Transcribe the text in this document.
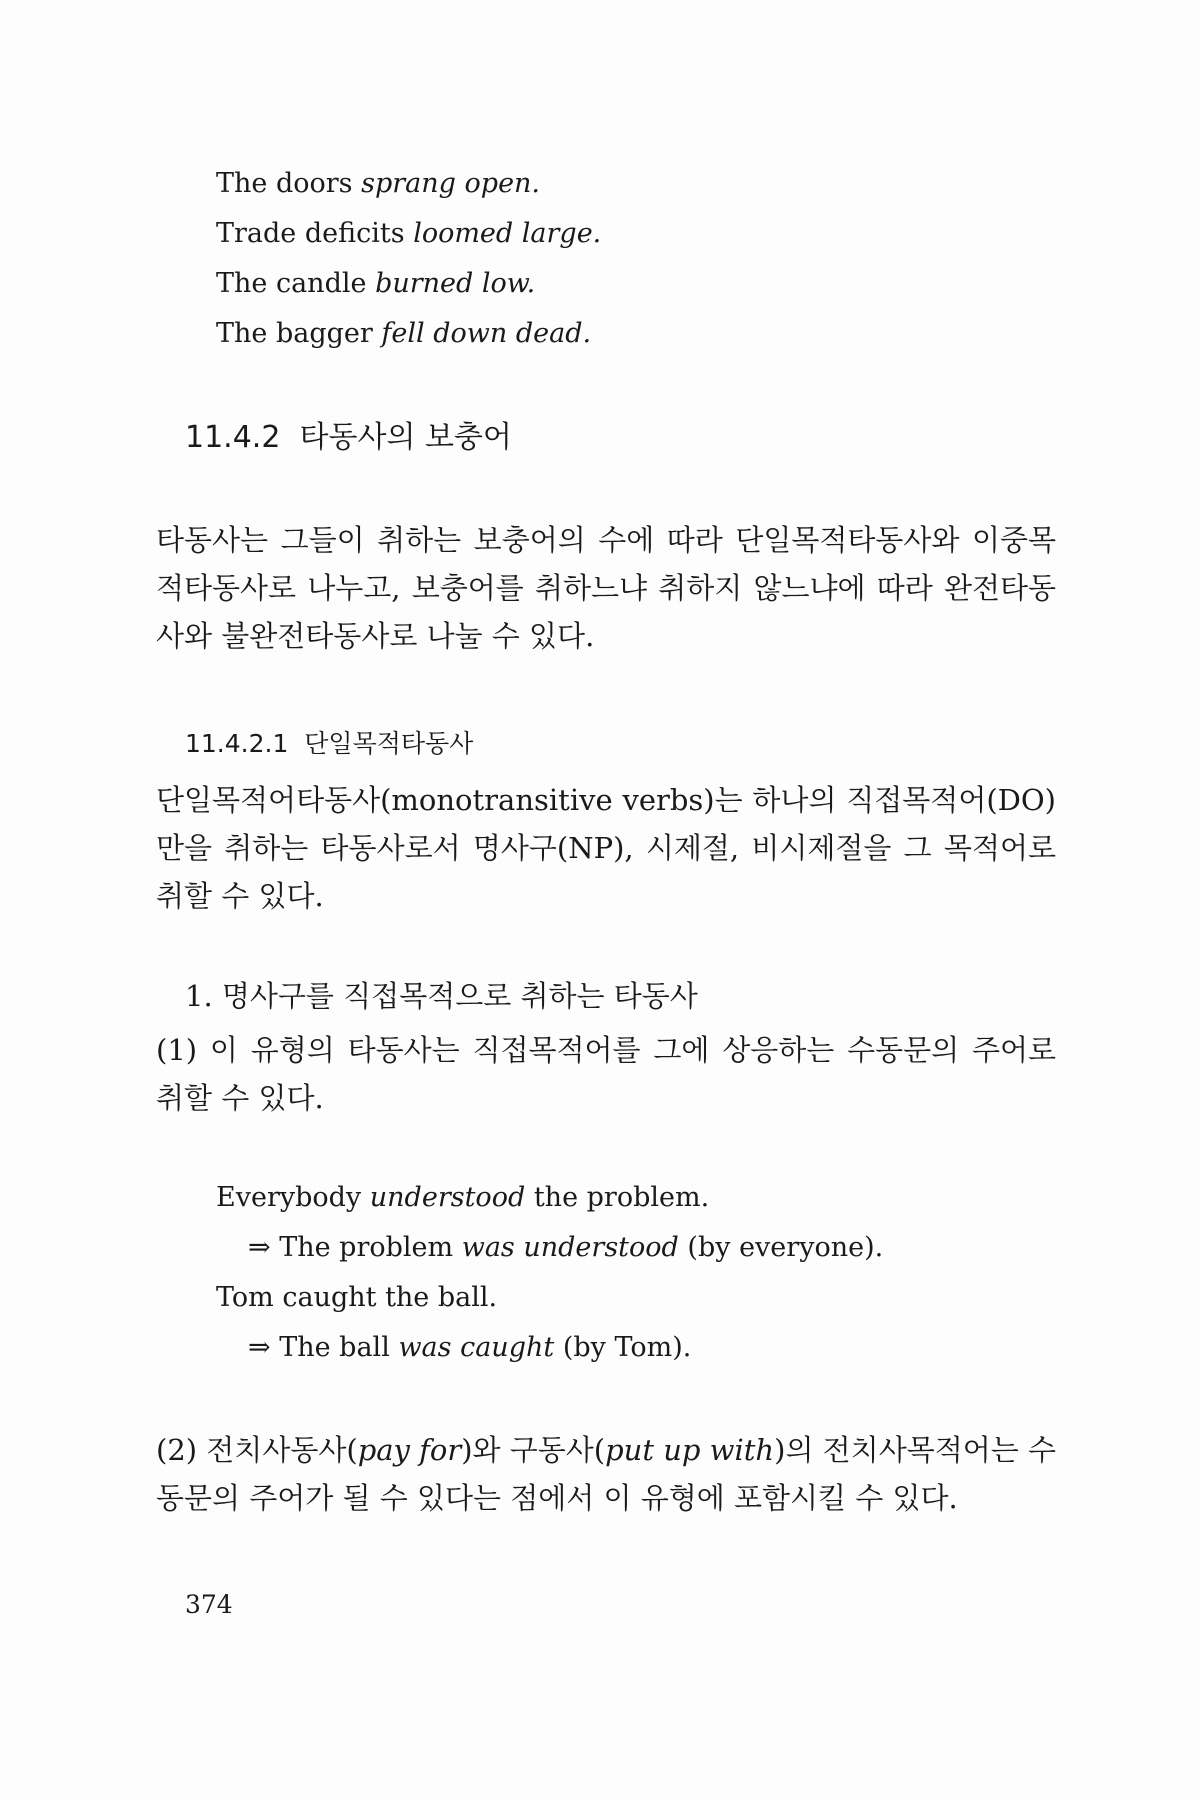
The doors sprang open.
Trade deficits loomed large.
The candle burned low.
The bagger fell down dead.
11.4.2 타동사의 보충어
타동사는 그들이 취하는 보충어의 수에 따라 단일목적타동사와 이중목적타동사로 나누고, 보충어를 취하느냐 취하지 않느냐에 따라 완전타동사와 불완전타동사로 나눌 수 있다.
11.4.2.1 단일목적타동사
단일목적어타동사(monotransitive verbs)는 하나의 직접목적어(DO)만을 취하는 타동사로서 명사구(NP), 시제절, 비시제절을 그 목적어로 취할 수 있다.
1. 명사구를 직접목적으로 취하는 타동사
(1) 이 유형의 타동사는 직접목적어를 그에 상응하는 수동문의 주어로 취할 수 있다.
Everybody understood the problem.
⇒ The problem was understood (by everyone).
Tom caught the ball.
⇒ The ball was caught (by Tom).
(2) 전치사동사(pay for)와 구동사(put up with)의 전치사목적어는 수동문의 주어가 될 수 있다는 점에서 이 유형에 포함시킬 수 있다.
374
